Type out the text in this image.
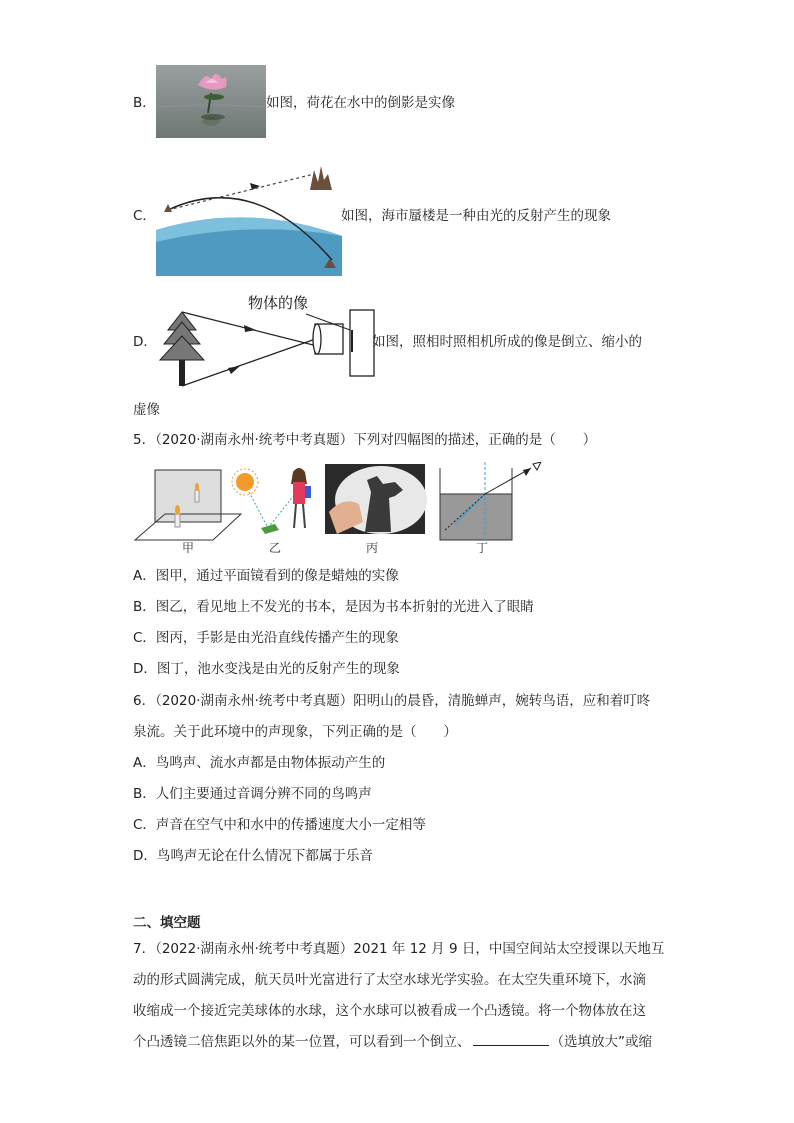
B．	如图，荷花在水中的倒影是实像
C．	如图，海市蜃楼是一种由光的反射产生的现象
D．
物体的像
如图，照相时照相机所成的像是倒立、缩小的
虚像
5．（2020·湖南永州·统考中考真题）下列对四幅图的描述，正确的是（　　）
甲	乙	丙	丁
A．图甲，通过平面镜看到的像是蜡烛的实像
B．图乙，看见地上不发光的书本，是因为书本折射的光进入了眼睛
C．图丙，手影是由光沿直线传播产生的现象
D．图丁，池水变浅是由光的反射产生的现象
6．（2020·湖南永州·统考中考真题）阳明山的晨昏，清脆蝉声，婉转鸟语，应和着叮咚
泉流。关于此环境中的声现象，下列正确的是（　　）
A．鸟鸣声、流水声都是由物体振动产生的
B．人们主要通过音调分辨不同的鸟鸣声
C．声音在空气中和水中的传播速度大小一定相等
D．鸟鸣声无论在什么情况下都属于乐音
二、填空题
7．（2022·湖南永州·统考中考真题）2021 年 12 月 9 日，中国空间站太空授课以天地互
动的形式圆满完成，航天员叶光富进行了太空水球光学实验。在太空失重环境下，水滴
收缩成一个接近完美球体的水球，这个水球可以被看成一个凸透镜。将一个物体放在这
个凸透镜二倍焦距以外的某一位置，可以看到一个倒立、	（选填放大”或缩
